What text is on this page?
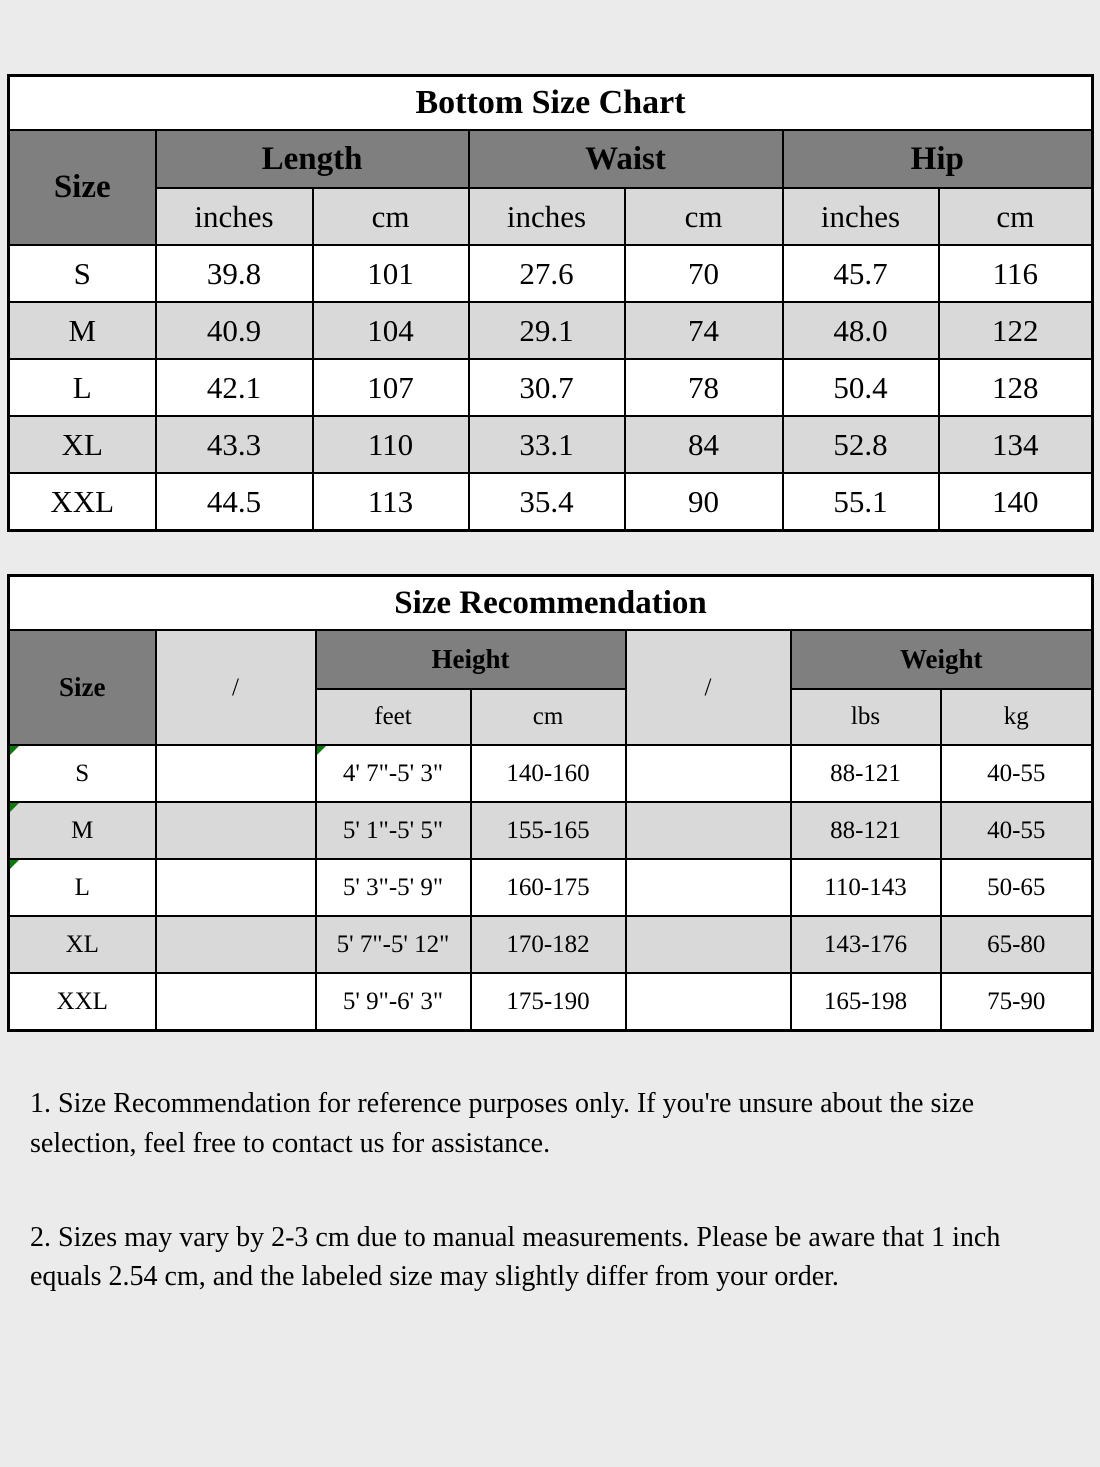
Bottom Size Chart						
Size	Length		Waist		Hip	
	inches	cm	inches	cm	inches	cm
S	39.8	101	27.6	70	45.7	116
M	40.9	104	29.1	74	48.0	122
L	42.1	107	30.7	78	50.4	128
XL	43.3	110	33.1	84	52.8	134
XXL	44.5	113	35.4	90	55.1	140
Size Recommendation						
Size	/	Height		/	Weight	
		feet	cm		lbs	kg

S		4' 7"-5' 3"	140-160		88-121	40-55

M		5' 1"-5' 5"	155-165		88-121	40-55

L		5' 3"-5' 9"	160-175		110-143	50-65
XL		5' 7"-5' 12"	170-182		143-176	65-80
XXL		5' 9"-6' 3"	175-190		165-198	75-90

1. Size Recommendation for reference purposes only. If you're unsure about the size selection, feel free to contact us for assistance.

2. Sizes may vary by 2-3 cm due to manual measurements. Please be aware that 1 inch equals 2.54 cm, and the labeled size may slightly differ from your order.
